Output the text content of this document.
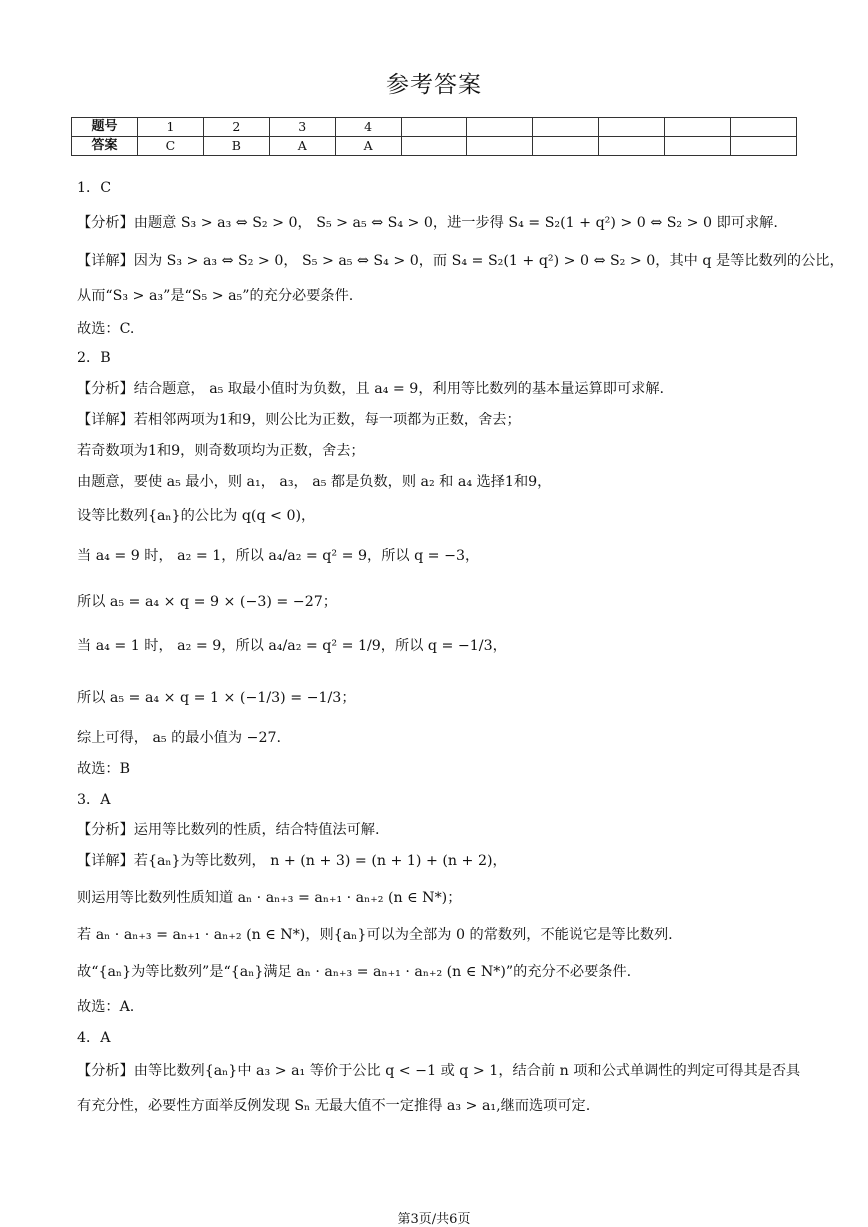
参考答案
题号	1	2	3	4						
答案	C	B	A	A						
1．C
【分析】由题意 S₃ > a₃ ⇔ S₂ > 0， S₅ > a₅ ⇔ S₄ > 0，进一步得 S₄ = S₂(1 + q²) > 0 ⇔ S₂ > 0 即可求解.
【详解】因为 S₃ > a₃ ⇔ S₂ > 0， S₅ > a₅ ⇔ S₄ > 0，而 S₄ = S₂(1 + q²) > 0 ⇔ S₂ > 0，其中 q 是等比数列的公比，
从而“S₃ > a₃”是“S₅ > a₅”的充分必要条件.
故选：C.
2．B
【分析】结合题意， a₅ 取最小值时为负数，且 a₄ = 9，利用等比数列的基本量运算即可求解.
【详解】若相邻两项为1和9，则公比为正数，每一项都为正数，舍去；
若奇数项为1和9，则奇数项均为正数，舍去；
由题意，要使 a₅ 最小，则 a₁， a₃， a₅ 都是负数，则 a₂ 和 a₄ 选择1和9，
设等比数列{aₙ}的公比为 q(q < 0)，
当 a₄ = 9 时， a₂ = 1，所以 a₄/a₂ = q² = 9，所以 q = −3，
所以 a₅ = a₄ × q = 9 × (−3) = −27；
当 a₄ = 1 时， a₂ = 9，所以 a₄/a₂ = q² = 1/9，所以 q = −1/3，
所以 a₅ = a₄ × q = 1 × (−1/3) = −1/3；
综上可得， a₅ 的最小值为 −27.
故选：B
3．A
【分析】运用等比数列的性质，结合特值法可解.
【详解】若{aₙ}为等比数列， n + (n + 3) = (n + 1) + (n + 2)，
则运用等比数列性质知道 aₙ · aₙ₊₃ = aₙ₊₁ · aₙ₊₂ (n ∈ N*)；
若 aₙ · aₙ₊₃ = aₙ₊₁ · aₙ₊₂ (n ∈ N*)，则{aₙ}可以为全部为 0 的常数列，不能说它是等比数列.
故“{aₙ}为等比数列”是“{aₙ}满足 aₙ · aₙ₊₃ = aₙ₊₁ · aₙ₊₂ (n ∈ N*)”的充分不必要条件.
故选：A.
4．A
【分析】由等比数列{aₙ}中 a₃ > a₁ 等价于公比 q < −1 或 q > 1，结合前 n 项和公式单调性的判定可得其是否具
有充分性，必要性方面举反例发现 Sₙ 无最大值不一定推得 a₃ > a₁,继而选项可定.
第3页/共6页
